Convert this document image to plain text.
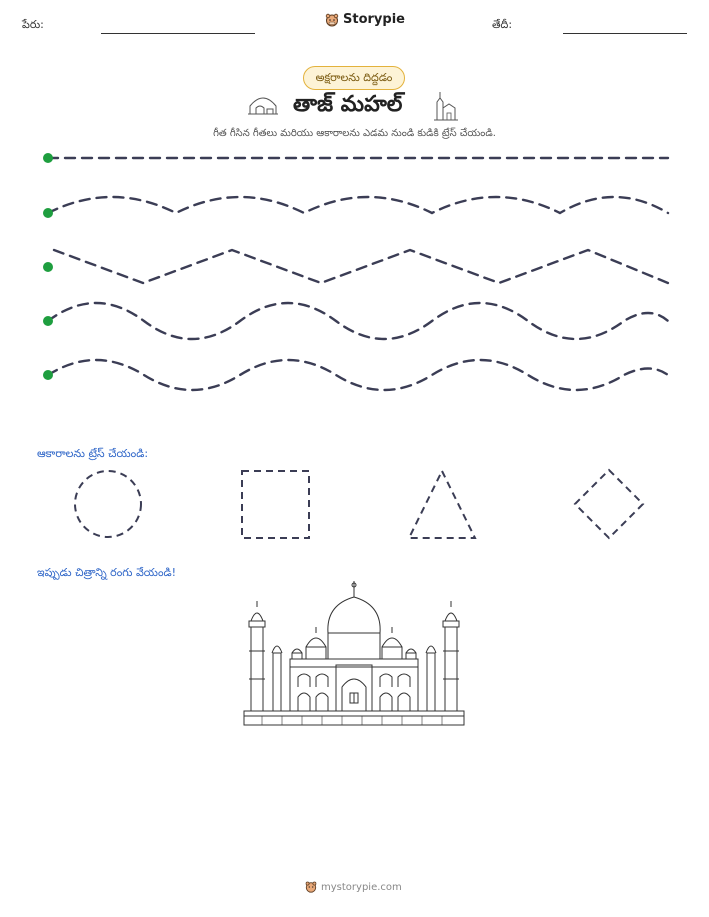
పేరు:	Storypie	తేదీ:
అక్షరాలను దిద్దడం
తాజ్ మహల్
గీత గీసిన గీతలు మరియు ఆకారాలను ఎడమ నుండి కుడికి ట్రేస్ చేయండి.
ఆకారాలను ట్రేస్ చేయండి:
ఇప్పుడు చిత్రాన్ని రంగు వేయండి!
mystorypie.com
